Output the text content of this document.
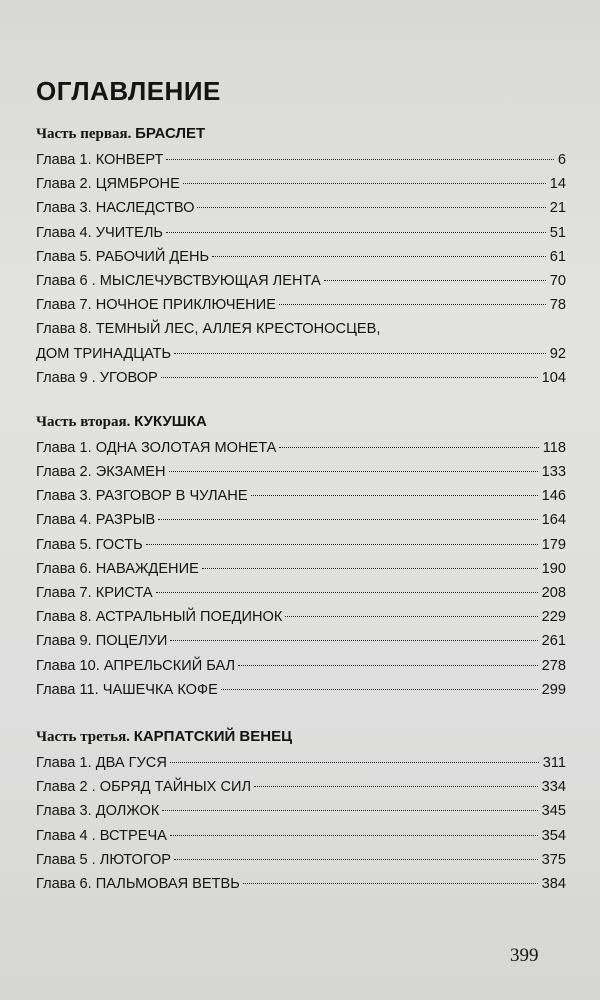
ОГЛАВЛЕНИЕ
Часть первая. БРАСЛЕТ
Глава 1. КОНВЕРТ	6
Глава 2. ЦЯМБРОНЕ	14
Глава 3. НАСЛЕДСТВО	21
Глава 4. УЧИТЕЛЬ	51
Глава 5. РАБОЧИЙ ДЕНЬ	61
Глава 6 . МЫСЛЕЧУВСТВУЮЩАЯ ЛЕНТА	70
Глава 7. НОЧНОЕ ПРИКЛЮЧЕНИЕ	78
Глава 8. ТЕМНЫЙ ЛЕС, АЛЛЕЯ КРЕСТОНОСЦЕВ,
ДОМ ТРИНАДЦАТЬ	92
Глава 9 . УГОВОР	104
Часть вторая. КУКУШКА
Глава 1. ОДНА ЗОЛОТАЯ МОНЕТА	118
Глава 2. ЭКЗАМЕН	133
Глава 3. РАЗГОВОР В ЧУЛАНЕ	146
Глава 4. РАЗРЫВ	164
Глава 5. ГОСТЬ	179
Глава 6. НАВАЖДЕНИЕ	190
Глава 7. КРИСТА	208
Глава 8. АСТРАЛЬНЫЙ ПОЕДИНОК	229
Глава 9. ПОЦЕЛУИ	261
Глава 10. АПРЕЛЬСКИЙ БАЛ	278
Глава 11. ЧАШЕЧКА КОФЕ	299
Часть третья. КАРПАТСКИЙ ВЕНЕЦ
Глава 1. ДВА ГУСЯ	311
Глава 2 . ОБРЯД ТАЙНЫХ СИЛ	334
Глава 3. ДОЛЖОК	345
Глава 4 . ВСТРЕЧА	354
Глава 5 . ЛЮТОГОР	375
Глава 6. ПАЛЬМОВАЯ ВЕТВЬ	384
399
